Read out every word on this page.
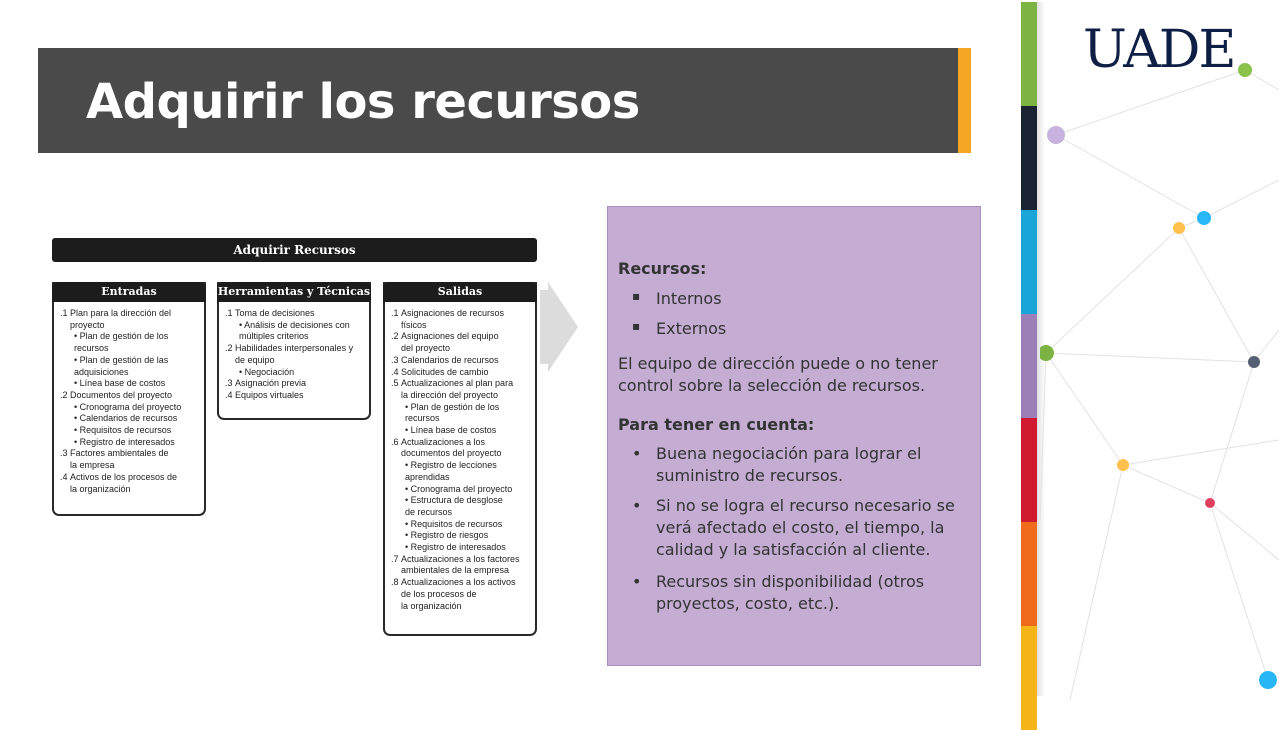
Adquirir los recursos
Adquirir Recursos
Entradas
.1 Plan para la dirección del
proyecto
• Plan de gestión de los
recursos
• Plan de gestión de las
adquisiciones
• Línea base de costos
.2 Documentos del proyecto
• Cronograma del proyecto
• Calendarios de recursos
• Requisitos de recursos
• Registro de interesados
.3 Factores ambientales de
la empresa
.4 Activos de los procesos de
la organización
Herramientas y Técnicas
.1 Toma de decisiones
• Análisis de decisiones con
múltiples criterios
.2 Habilidades interpersonales y
de equipo
• Negociación
.3 Asignación previa
.4 Equipos virtuales
Salidas
.1 Asignaciones de recursos
físicos
.2 Asignaciones del equipo
del proyecto
.3 Calendarios de recursos
.4 Solicitudes de cambio
.5 Actualizaciones al plan para
la dirección del proyecto
• Plan de gestión de los
recursos
• Línea base de costos
.6 Actualizaciones a los
documentos del proyecto
• Registro de lecciones
aprendidas
• Cronograma del proyecto
• Estructura de desglose
de recursos
• Requisitos de recursos
• Registro de riesgos
• Registro de interesados
.7 Actualizaciones a los factores
ambientales de la empresa
.8 Actualizaciones a los activos
de los procesos de
la organización
Recursos:
▪ Internos
▪ Externos
El equipo de dirección puede o no tener control sobre la selección de recursos.
Para tener en cuenta:
• Buena negociación para lograr el suministro de recursos.
• Si no se logra el recurso necesario se verá afectado el costo, el tiempo, la calidad y la satisfacción al cliente.
• Recursos sin disponibilidad (otros proyectos, costo, etc.).
UADE
